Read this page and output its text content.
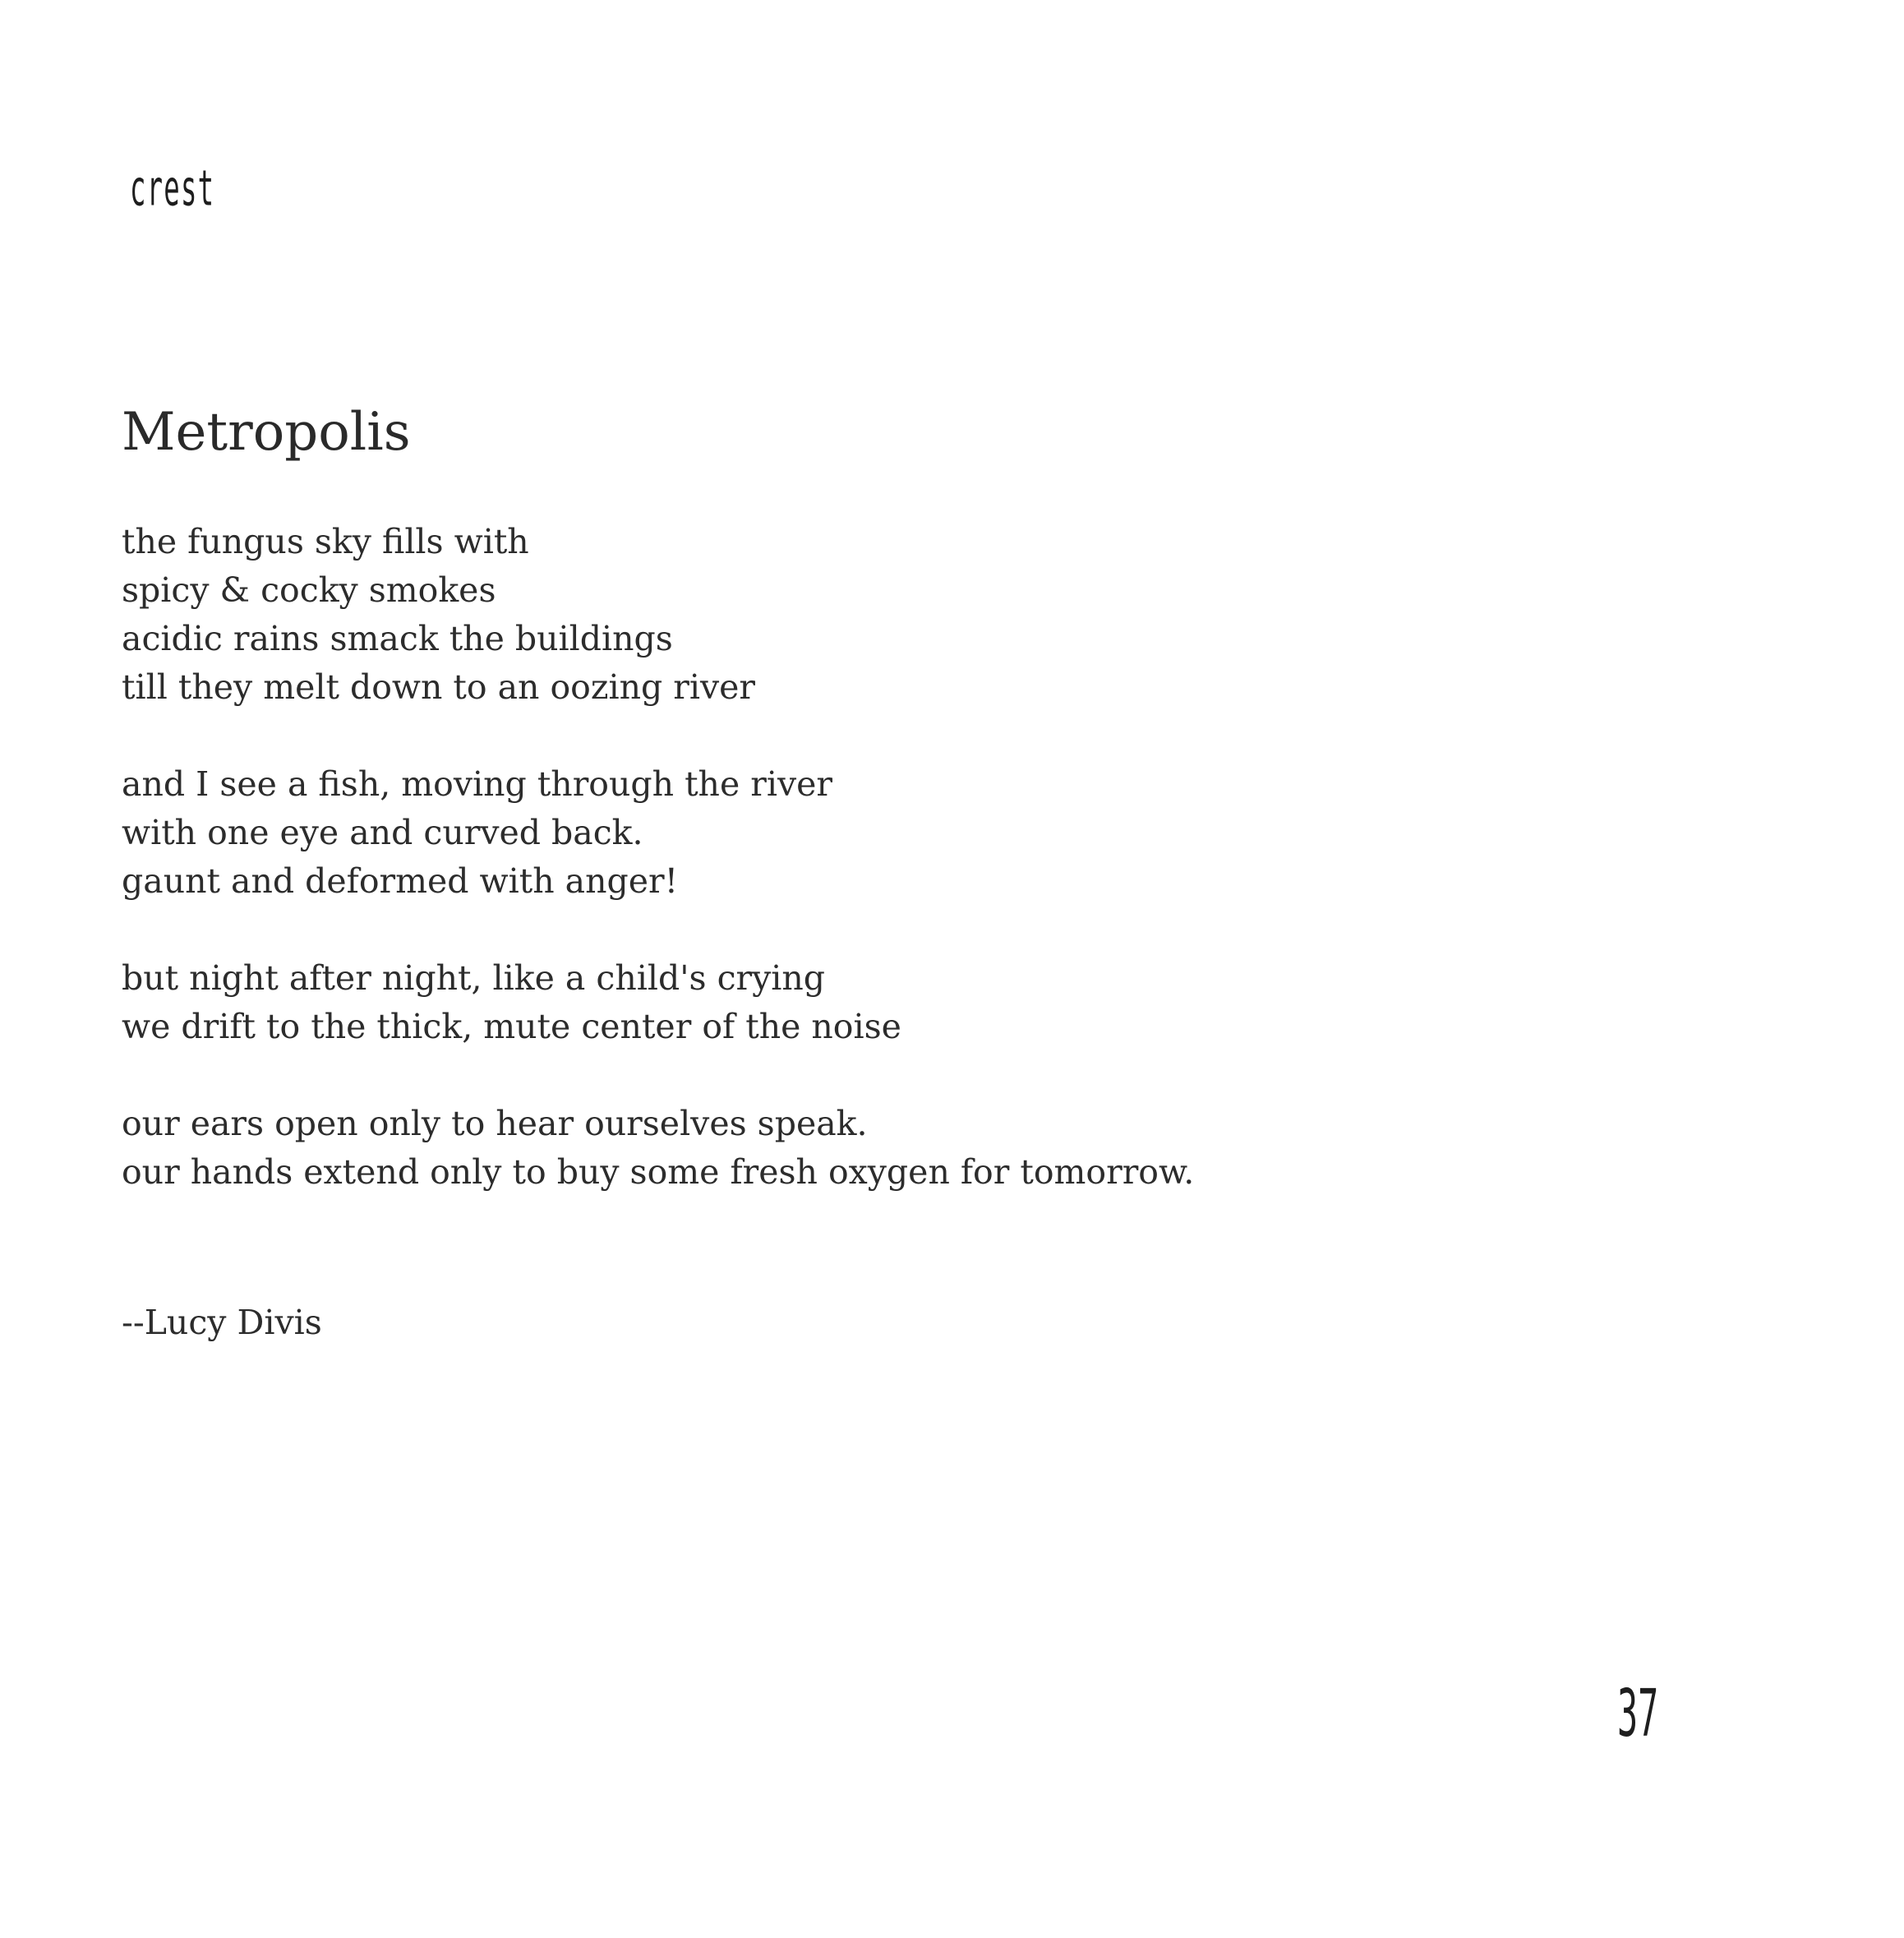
crest
Metropolis
the fungus sky fills with
spicy & cocky smokes
acidic rains smack the buildings
till they melt down to an oozing river
and I see a fish, moving through the river
with one eye and curved back.
gaunt and deformed with anger!
but night after night, like a child's crying
we drift to the thick, mute center of the noise
our ears open only to hear ourselves speak.
our hands extend only to buy some fresh oxygen for tomorrow.
--Lucy Divis
37
